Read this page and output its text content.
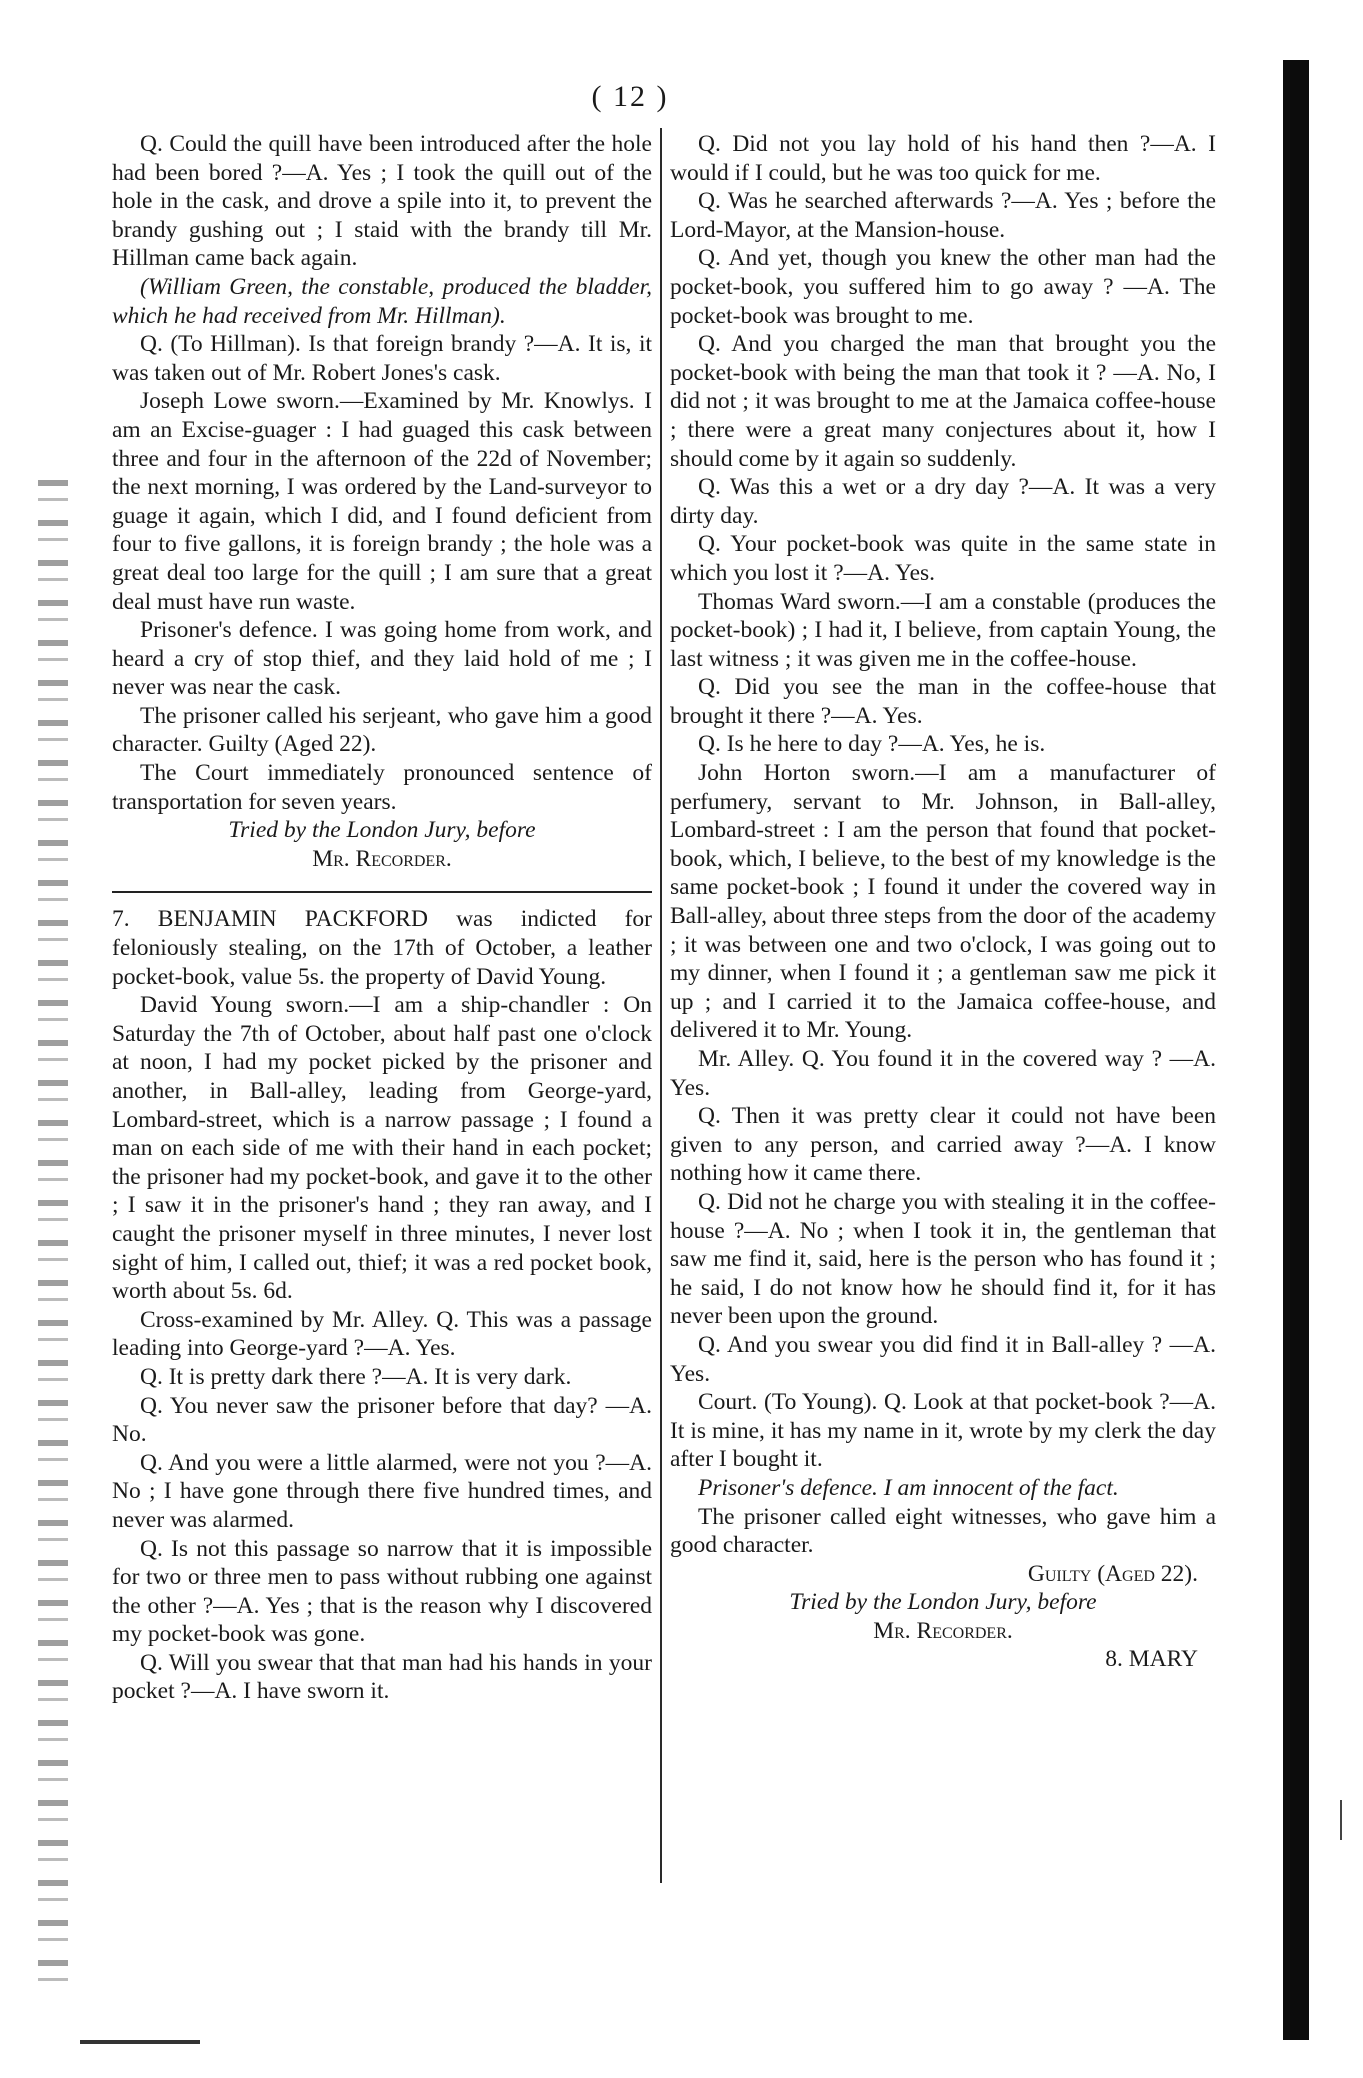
( 12 )

Q. Could the quill have been introduced after the hole had been bored ?—A. Yes ; I took the quill out of the hole in the cask, and drove a spile into it, to prevent the brandy gushing out ; I staid with the brandy till Mr. Hillman came back again.

(William Green, the constable, produced the bladder, which he had received from Mr. Hillman).

Q. (To Hillman). Is that foreign brandy ?—A. It is, it was taken out of Mr. Robert Jones's cask.

Joseph Lowe sworn.—Examined by Mr. Knowlys. I am an Excise-guager : I had guaged this cask between three and four in the afternoon of the 22d of November; the next morning, I was ordered by the Land-surveyor to guage it again, which I did, and I found deficient from four to five gallons, it is foreign brandy ; the hole was a great deal too large for the quill ; I am sure that a great deal must have run waste.

Prisoner's defence. I was going home from work, and heard a cry of stop thief, and they laid hold of me ; I never was near the cask.

The prisoner called his serjeant, who gave him a good character. Guilty (Aged 22).

The Court immediately pronounced sentence of transportation for seven years.

Tried by the London Jury, before

Mr. Recorder.

7. BENJAMIN PACKFORD was indicted for feloniously stealing, on the 17th of October, a leather pocket-book, value 5s. the property of David Young.

David Young sworn.—I am a ship-chandler : On Saturday the 7th of October, about half past one o'clock at noon, I had my pocket picked by the prisoner and another, in Ball-alley, leading from George-yard, Lombard-street, which is a narrow passage ; I found a man on each side of me with their hand in each pocket; the prisoner had my pocket-book, and gave it to the other ; I saw it in the prisoner's hand ; they ran away, and I caught the prisoner myself in three minutes, I never lost sight of him, I called out, thief; it was a red pocket book, worth about 5s. 6d.

Cross-examined by Mr. Alley. Q. This was a passage leading into George-yard ?—A. Yes.

Q. It is pretty dark there ?—A. It is very dark.

Q. You never saw the prisoner before that day? —A. No.

Q. And you were a little alarmed, were not you ?—A. No ; I have gone through there five hundred times, and never was alarmed.

Q. Is not this passage so narrow that it is impossible for two or three men to pass without rubbing one against the other ?—A. Yes ; that is the reason why I discovered my pocket-book was gone.

Q. Will you swear that that man had his hands in your pocket ?—A. I have sworn it.

Q. Did not you lay hold of his hand then ?—A. I would if I could, but he was too quick for me.

Q. Was he searched afterwards ?—A. Yes ; before the Lord-Mayor, at the Mansion-house.

Q. And yet, though you knew the other man had the pocket-book, you suffered him to go away ? —A. The pocket-book was brought to me.

Q. And you charged the man that brought you the pocket-book with being the man that took it ? —A. No, I did not ; it was brought to me at the Jamaica coffee-house ; there were a great many conjectures about it, how I should come by it again so suddenly.

Q. Was this a wet or a dry day ?—A. It was a very dirty day.

Q. Your pocket-book was quite in the same state in which you lost it ?—A. Yes.

Thomas Ward sworn.—I am a constable (produces the pocket-book) ; I had it, I believe, from captain Young, the last witness ; it was given me in the coffee-house.

Q. Did you see the man in the coffee-house that brought it there ?—A. Yes.

Q. Is he here to day ?—A. Yes, he is.

John Horton sworn.—I am a manufacturer of perfumery, servant to Mr. Johnson, in Ball-alley, Lombard-street : I am the person that found that pocket-book, which, I believe, to the best of my knowledge is the same pocket-book ; I found it under the covered way in Ball-alley, about three steps from the door of the academy ; it was between one and two o'clock, I was going out to my dinner, when I found it ; a gentleman saw me pick it up ; and I carried it to the Jamaica coffee-house, and delivered it to Mr. Young.

Mr. Alley. Q. You found it in the covered way ? —A. Yes.

Q. Then it was pretty clear it could not have been given to any person, and carried away ?—A. I know nothing how it came there.

Q. Did not he charge you with stealing it in the coffee-house ?—A. No ; when I took it in, the gentleman that saw me find it, said, here is the person who has found it ; he said, I do not know how he should find it, for it has never been upon the ground.

Q. And you swear you did find it in Ball-alley ? —A. Yes.

Court. (To Young). Q. Look at that pocket-book ?—A. It is mine, it has my name in it, wrote by my clerk the day after I bought it.

Prisoner's defence. I am innocent of the fact.

The prisoner called eight witnesses, who gave him a good character.

Guilty (Aged 22).

Tried by the London Jury, before

Mr. Recorder.

8. MARY
